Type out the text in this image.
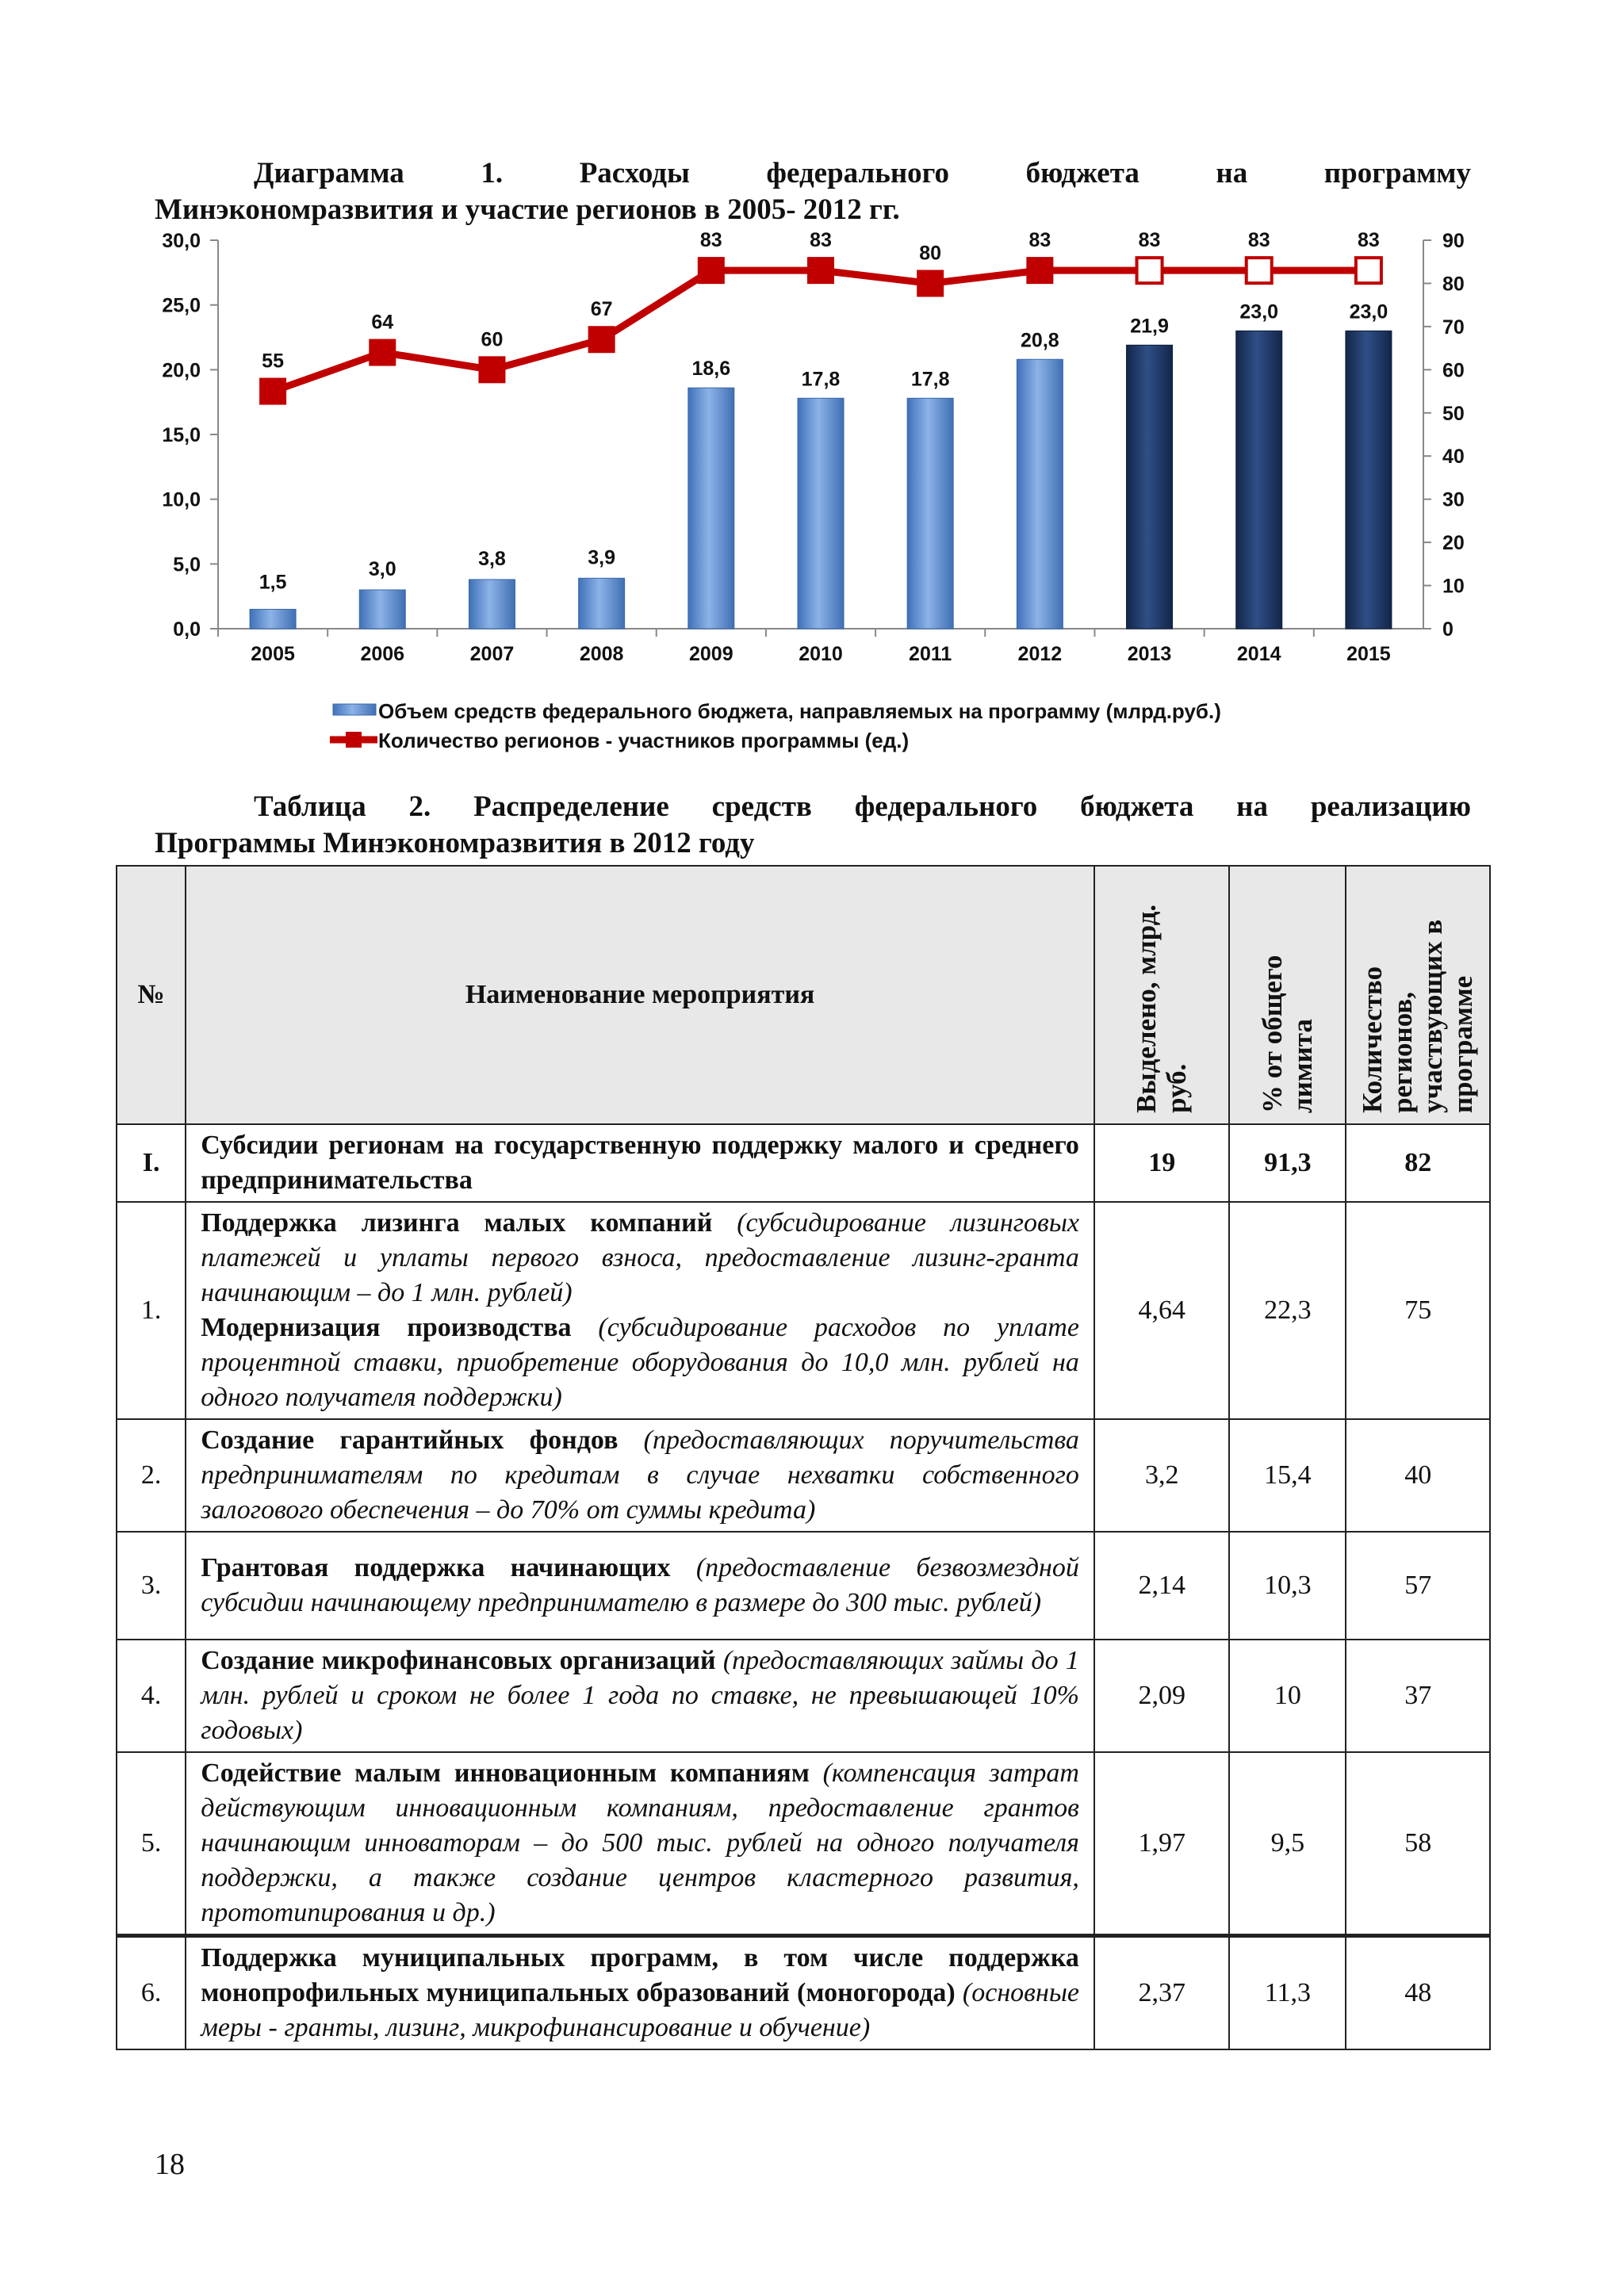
Диаграмма 1. Расходы федерального бюджета на программу
Минэкономразвития и участие регионов в 2005- 2012 гг.
0,0
5,0
10,0
15,0
20,0
25,0
30,0
0
10
20
30
40
50
60
70
80
90
2005	2006	2007	2008	2009	2010	2011	2012	2013	2014	2015
1,5
3,0	3,8	3,9
18,6	17,8	17,8
20,8
21,9
23,0	23,0
55
64
60
67
83	83
80
83	83	83	83
Объем средств федерального бюджета, направляемых на программу (млрд.руб.)
Количество регионов - участников программы (ед.)
Таблица 2. Распределение средств федерального бюджета на реализацию
Программы Минэкономразвития в 2012 году
№	Наименование мероприятия	Выделено, млрд. руб.	% от общего лимита	Количество регионов, участвующих в программе
I.	Субсидии регионам на государственную поддержку малого и среднего предпринимательства	19	91,3	82
1.	Поддержка лизинга малых компаний (субсидирование лизинговых платежей и уплаты первого взноса, предоставление лизинг-гранта начинающим – до 1 млн. рублей)
Модернизация производства (субсидирование расходов по уплате процентной ставки, приобретение оборудования до 10,0 млн. рублей на одного получателя поддержки)	4,64	22,3	75
2.	Создание гарантийных фондов (предоставляющих поручительства предпринимателям по кредитам в случае нехватки собственного залогового обеспечения – до 70% от суммы кредита)	3,2	15,4	40
3.	Грантовая поддержка начинающих (предоставление безвозмездной субсидии начинающему предпринимателю в размере до 300 тыс. рублей)	2,14	10,3	57
4.	Создание микрофинансовых организаций (предоставляющих займы до 1 млн. рублей и сроком не более 1 года по ставке, не превышающей 10% годовых)	2,09	10	37
5.	Содействие малым инновационным компаниям (компенсация затрат действующим инновационным компаниям, предоставление грантов начинающим инноваторам – до 500 тыс. рублей на одного получателя поддержки, а также создание центров кластерного развития, прототипирования и др.)	1,97	9,5	58
6.	Поддержка муниципальных программ, в том числе поддержка монопрофильных муниципальных образований (моногорода) (основные меры - гранты, лизинг, микрофинансирование и обучение)	2,37	11,3	48
18
